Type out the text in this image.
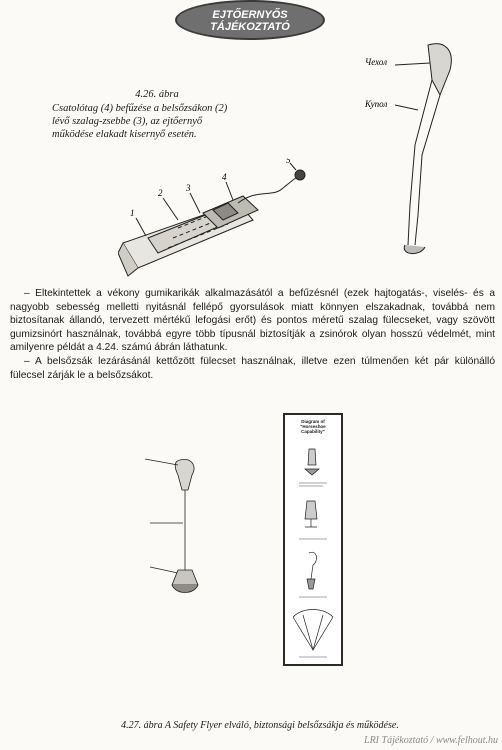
EJTŐERNYŐS
TÁJÉKOZTATÓ
4.26. ábra
Csatolótag (4) befűzése a belsőzsákon (2) lévő szalag-zsebbe (3), az ejtőernyő működése elakadt kisernyő esetén.
1
2	3
4
5
Чехол
Купол

– Eltekintettek a vékony gumikarikák alkalmazásától a befűzésnél (ezek hajtogatás-, viselés- és a nagyobb sebesség melletti nyitásnál fellépő gyorsulások miatt könnyen elszakadnak, továbbá nem biztosítanak állandó, tervezett mértékű lefogási erőt) és pontos méretű szalag fülecseket, vagy szövött gumizsinórt használnak, továbbá egyre több típusnál biztosítják a zsinórok olyan hosszú védelmét, mint amilyenre példát a 4.24. számú ábrán láthatunk.

– A belsőzsák lezárásánál kettőzött fülecset használnak, illetve ezen túlmenően két pár különálló fülecsel zárják le a belsőzsákot.

Diagram of
"Horseshoe
Capability"
4.27. ábra A Safety Flyer elváló, biztonsági belsőzsákja és működése.
LRI Tájékoztató / www.felhout.hu
